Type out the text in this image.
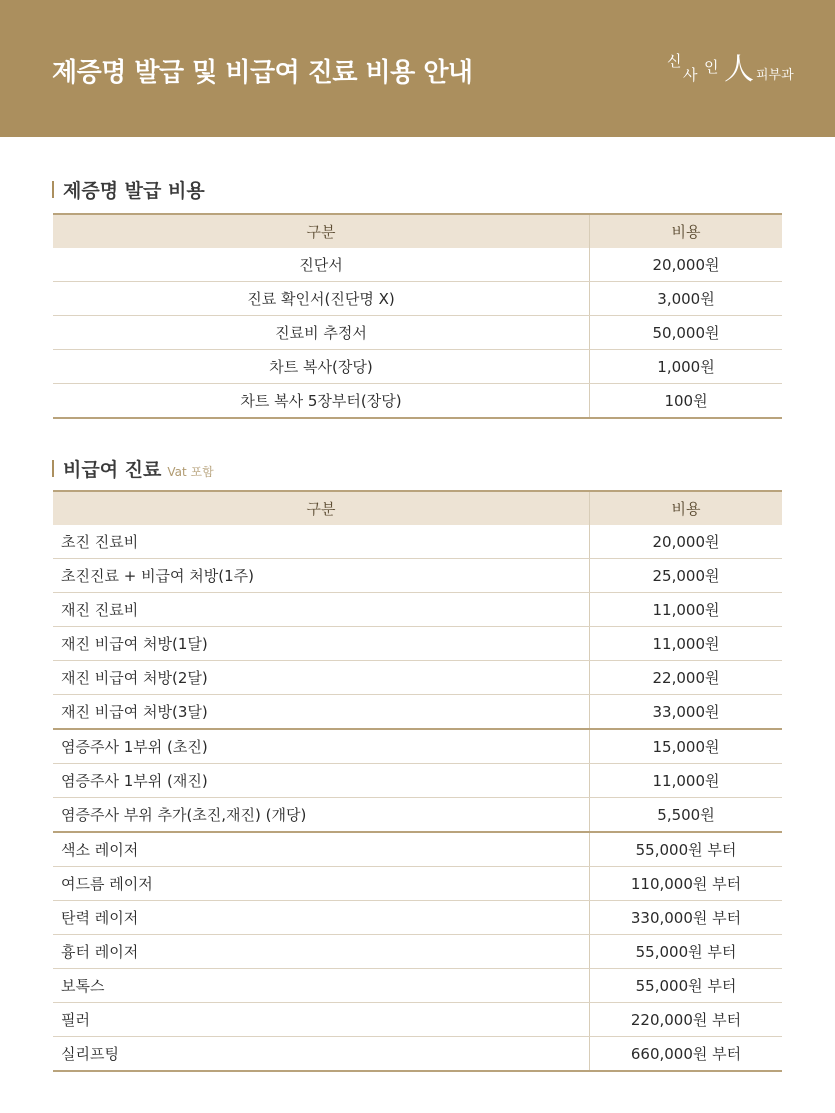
제증명 발급 및 비급여 진료 비용 안내	신
사 인 人 피부과
제증명 발급 비용
구분	비용
진단서	20,000원
진료 확인서(진단명 X)	3,000원
진료비 추정서	50,000원
차트 복사(장당)	1,000원
차트 복사 5장부터(장당)	100원
비급여 진료 Vat 포함
구분	비용
초진 진료비	20,000원
초진진료 + 비급여 처방(1주)	25,000원
재진 진료비	11,000원
재진 비급여 처방(1달)	11,000원
재진 비급여 처방(2달)	22,000원
재진 비급여 처방(3달)	33,000원
염증주사 1부위 (초진)	15,000원
염증주사 1부위 (재진)	11,000원
염증주사 부위 추가(초진,재진) (개당)	5,500원
색소 레이저	55,000원 부터
여드름 레이저	110,000원 부터
탄력 레이저	330,000원 부터
흉터 레이저	55,000원 부터
보톡스	55,000원 부터
필러	220,000원 부터
실리프팅	660,000원 부터
